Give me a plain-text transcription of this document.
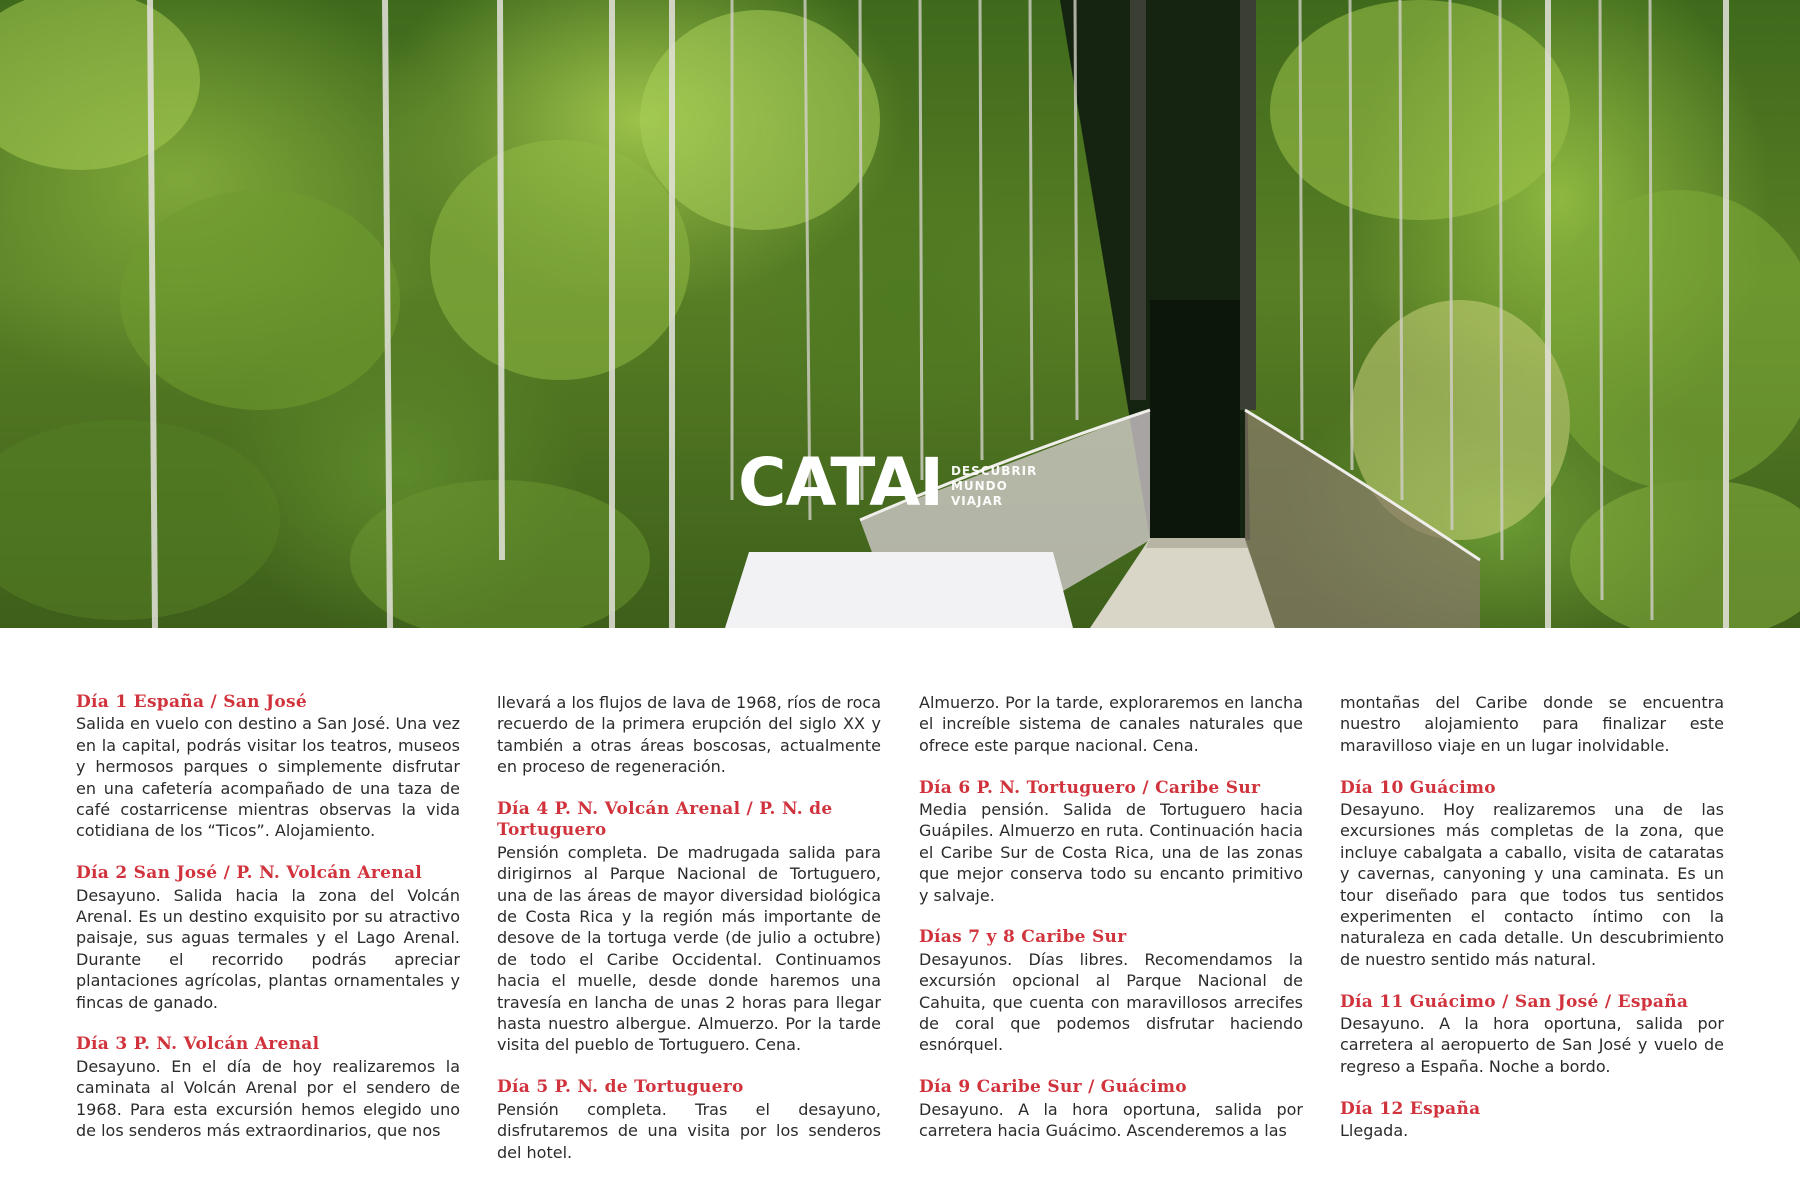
CATAI DESCUBRIR
MUNDO
VIAJAR
Día 1 España / San José
Salida en vuelo con destino a San José. Una vez en la capital, podrás visitar los teatros, museos y hermosos parques o simplemente disfrutar en una cafetería acompañado de una taza de café costarricense mientras observas la vida cotidiana de los “Ticos”. Alojamiento.
Día 2 San José / P. N. Volcán Arenal
Desayuno. Salida hacia la zona del Volcán Arenal. Es un destino exquisito por su atractivo paisaje, sus aguas termales y el Lago Arenal. Durante el recorrido podrás apreciar plantaciones agrícolas, plantas ornamentales y fincas de ganado.
Día 3 P. N. Volcán Arenal
Desayuno. En el día de hoy realizaremos la caminata al Volcán Arenal por el sendero de 1968. Para esta excursión hemos elegido uno de los senderos más extraordinarios, que nos
llevará a los flujos de lava de 1968, ríos de roca recuerdo de la primera erupción del siglo XX y también a otras áreas boscosas, actualmente en proceso de regeneración.
Día 4 P. N. Volcán Arenal / P. N. de Tortuguero
Pensión completa. De madrugada salida para dirigirnos al Parque Nacional de Tortuguero, una de las áreas de mayor diversidad biológica de Costa Rica y la región más importante de desove de la tortuga verde (de julio a octubre) de todo el Caribe Occidental. Continuamos hacia el muelle, desde donde haremos una travesía en lancha de unas 2 horas para llegar hasta nuestro albergue. Almuerzo. Por la tarde visita del pueblo de Tortuguero. Cena.
Día 5 P. N. de Tortuguero
Pensión completa. Tras el desayuno, disfrutaremos de una visita por los senderos del hotel.
Almuerzo. Por la tarde, exploraremos en lancha el increíble sistema de canales naturales que ofrece este parque nacional. Cena.
Día 6 P. N. Tortuguero / Caribe Sur
Media pensión. Salida de Tortuguero hacia Guápiles. Almuerzo en ruta. Continuación hacia el Caribe Sur de Costa Rica, una de las zonas que mejor conserva todo su encanto primitivo y salvaje.
Días 7 y 8 Caribe Sur
Desayunos. Días libres. Recomendamos la excursión opcional al Parque Nacional de Cahuita, que cuenta con maravillosos arrecifes de coral que podemos disfrutar haciendo esnórquel.
Día 9 Caribe Sur / Guácimo
Desayuno. A la hora oportuna, salida por carretera hacia Guácimo. Ascenderemos a las
montañas del Caribe donde se encuentra nuestro alojamiento para finalizar este maravilloso viaje en un lugar inolvidable.
Día 10 Guácimo
Desayuno. Hoy realizaremos una de las excursiones más completas de la zona, que incluye cabalgata a caballo, visita de cataratas y cavernas, canyoning y una caminata. Es un tour diseñado para que todos tus sentidos experimenten el contacto íntimo con la naturaleza en cada detalle. Un descubrimiento de nuestro sentido más natural.
Día 11 Guácimo / San José / España
Desayuno. A la hora oportuna, salida por carretera al aeropuerto de San José y vuelo de regreso a España. Noche a bordo.
Día 12 España
Llegada.
